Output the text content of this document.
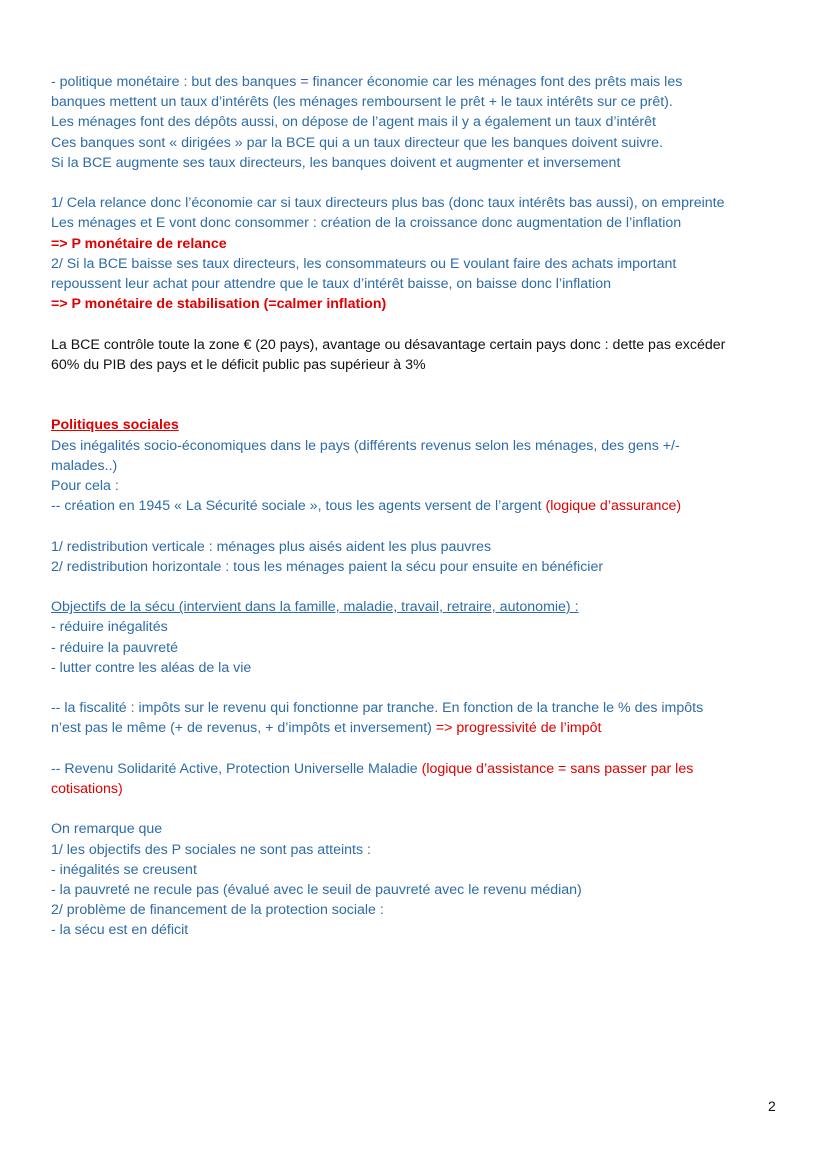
- politique monétaire : but des banques = financer économie car les ménages font des prêts mais les
banques mettent un taux d’intérêts (les ménages remboursent le prêt + le taux intérêts sur ce prêt).
Les ménages font des dépôts aussi, on dépose de l’agent mais il y a également un taux d’intérêt
Ces banques sont « dirigées » par la BCE qui a un taux directeur que les banques doivent suivre.
Si la BCE augmente ses taux directeurs, les banques doivent et augmenter et inversement
1/ Cela relance donc l’économie car si taux directeurs plus bas (donc taux intérêts bas aussi), on empreinte
Les ménages et E vont donc consommer : création de la croissance donc augmentation de l’inflation
=> P monétaire de relance
2/ Si la BCE baisse ses taux directeurs, les consommateurs ou E voulant faire des achats important
repoussent leur achat pour attendre que le taux d’intérêt baisse, on baisse donc l’inflation
=> P monétaire de stabilisation (=calmer inflation)
La BCE contrôle toute la zone € (20 pays), avantage ou désavantage certain pays donc : dette pas excéder
60% du PIB des pays et le déficit public pas supérieur à 3%
Politiques sociales
Des inégalités socio-économiques dans le pays (différents revenus selon les ménages, des gens +/-
malades..)
Pour cela :
-- création en 1945 « La Sécurité sociale », tous les agents versent de l’argent (logique d’assurance)
1/ redistribution verticale : ménages plus aisés aident les plus pauvres
2/ redistribution horizontale : tous les ménages paient la sécu pour ensuite en bénéficier
Objectifs de la sécu (intervient dans la famille, maladie, travail, retraire, autonomie) :
- réduire inégalités
- réduire la pauvreté
- lutter contre les aléas de la vie
-- la fiscalité : impôts sur le revenu qui fonctionne par tranche. En fonction de la tranche le % des impôts
n’est pas le même (+ de revenus, + d’impôts et inversement) => progressivité de l’impôt
-- Revenu Solidarité Active, Protection Universelle Maladie (logique d’assistance = sans passer par les
cotisations)
On remarque que
1/ les objectifs des P sociales ne sont pas atteints :
- inégalités se creusent
- la pauvreté ne recule pas (évalué avec le seuil de pauvreté avec le revenu médian)
2/ problème de financement de la protection sociale :
- la sécu est en déficit
2
